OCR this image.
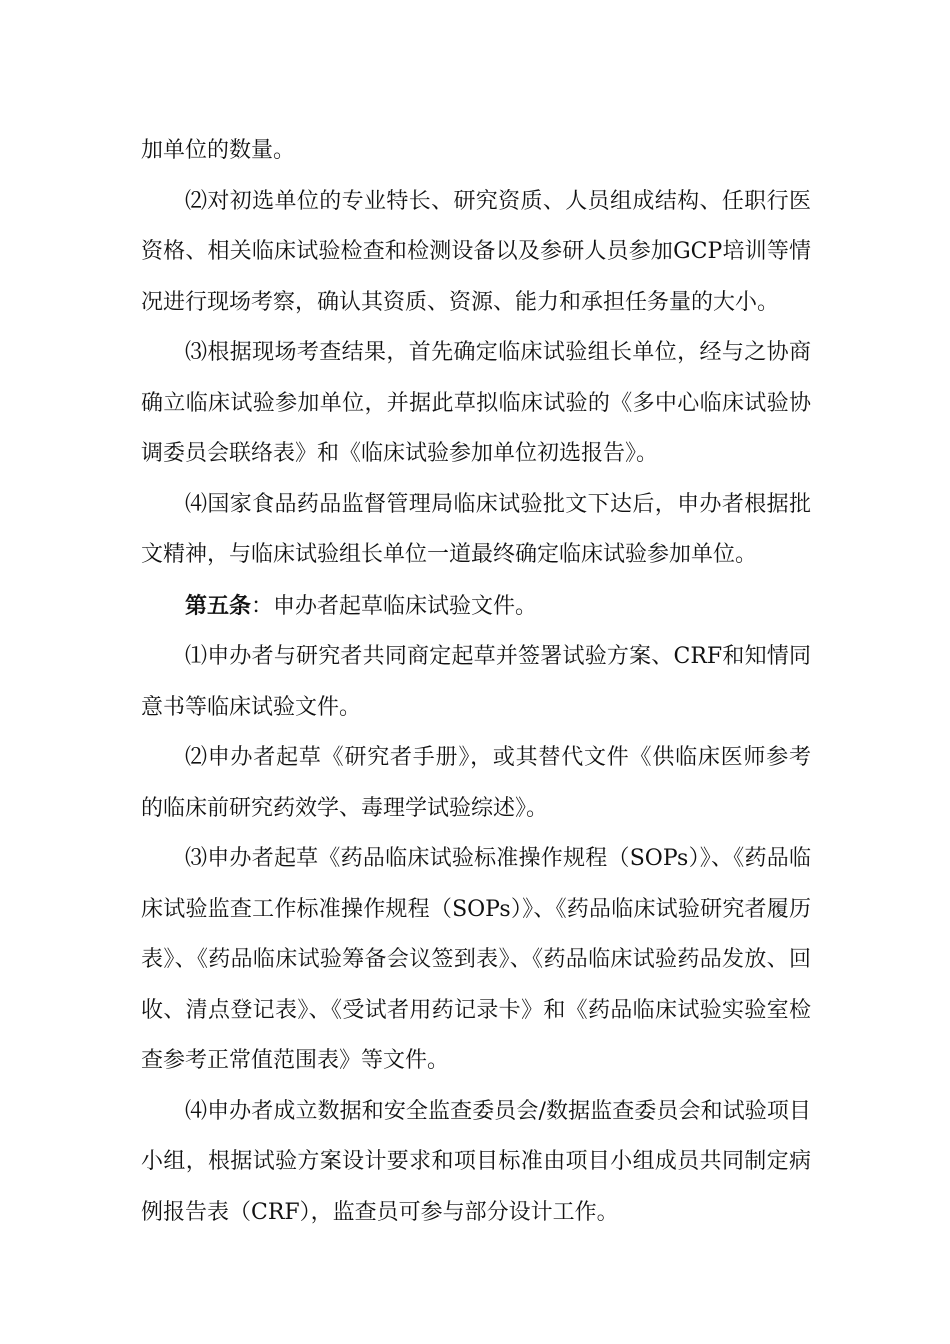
加单位的数量。

⑵对初选单位的专业特长、研究资质、人员组成结构、任职行医资格、相关临床试验检查和检测设备以及参研人员参加GCP培训等情况进行现场考察，确认其资质、资源、能力和承担任务量的大小。

⑶根据现场考查结果，首先确定临床试验组长单位，经与之协商确立临床试验参加单位，并据此草拟临床试验的《多中心临床试验协调委员会联络表》和《临床试验参加单位初选报告》。

⑷国家食品药品监督管理局临床试验批文下达后，申办者根据批文精神，与临床试验组长单位一道最终确定临床试验参加单位。

第五条：申办者起草临床试验文件。

⑴申办者与研究者共同商定起草并签署试验方案、CRF和知情同意书等临床试验文件。

⑵申办者起草《研究者手册》，或其替代文件《供临床医师参考的临床前研究药效学、毒理学试验综述》。

⑶申办者起草《药品临床试验标准操作规程（SOPs）》、《药品临床试验监查工作标准操作规程（SOPs）》、《药品临床试验研究者履历表》、《药品临床试验筹备会议签到表》、《药品临床试验药品发放、回收、清点登记表》、《受试者用药记录卡》和《药品临床试验实验室检查参考正常值范围表》等文件。

⑷申办者成立数据和安全监查委员会/数据监查委员会和试验项目小组，根据试验方案设计要求和项目标准由项目小组成员共同制定病例报告表（CRF），监查员可参与部分设计工作。
